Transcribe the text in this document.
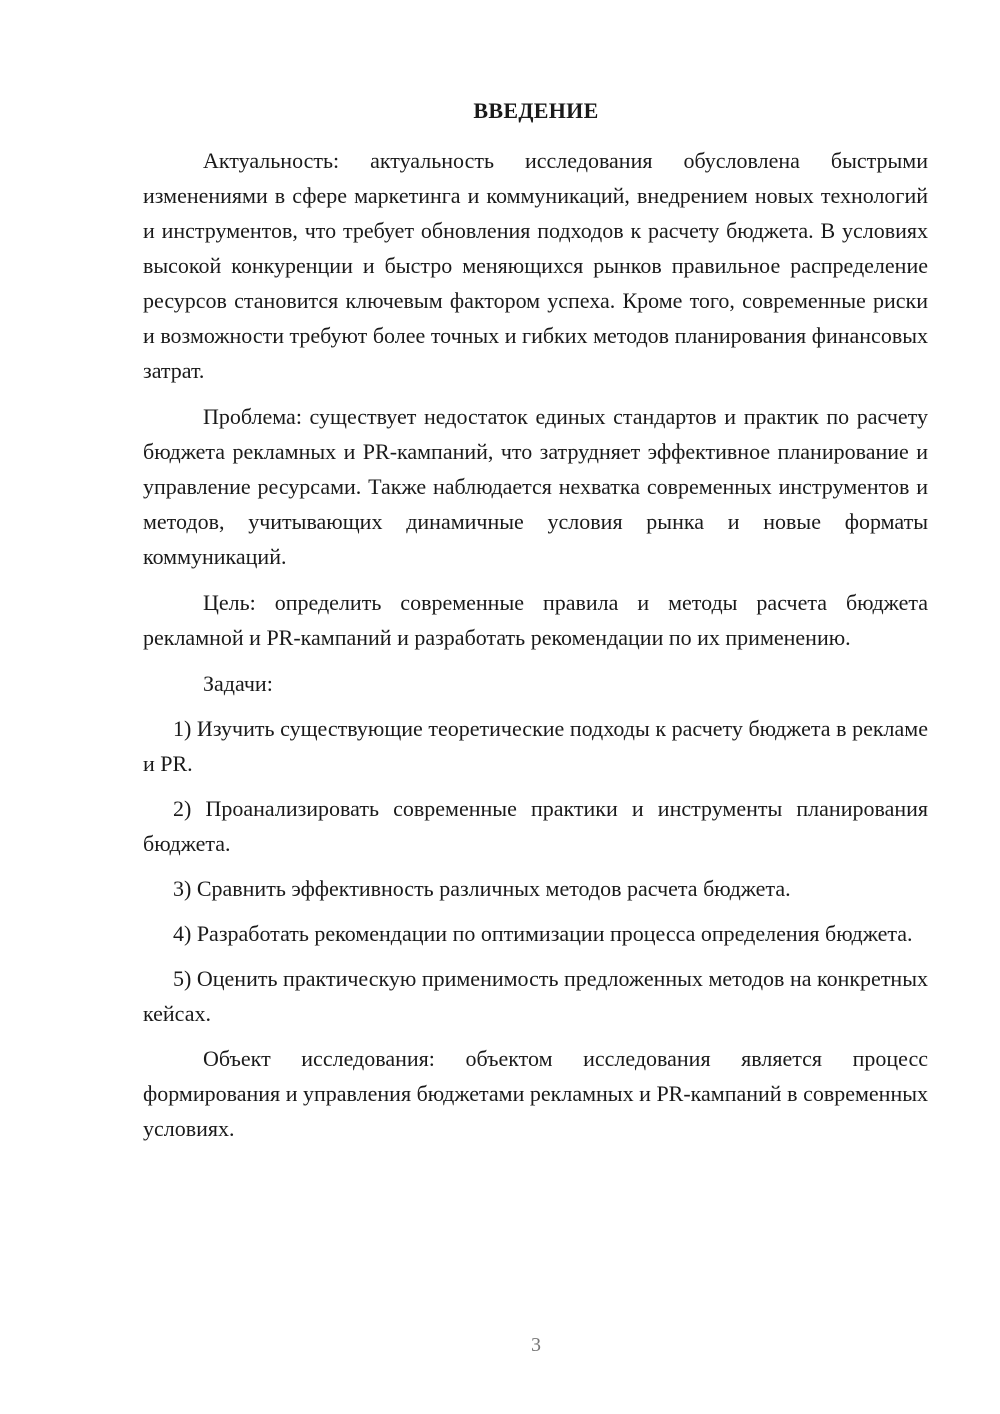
ВВЕДЕНИЕ

Актуальность: актуальность исследования обусловлена быстрыми изменениями в сфере маркетинга и коммуникаций, внедрением новых технологий и инструментов, что требует обновления подходов к расчету бюджета. В условиях высокой конкуренции и быстро меняющихся рынков правильное распределение ресурсов становится ключевым фактором успеха. Кроме того, современные риски и возможности требуют более точных и гибких методов планирования финансовых затрат.

Проблема: существует недостаток единых стандартов и практик по расчету бюджета рекламных и PR-кампаний, что затрудняет эффективное планирование и управление ресурсами. Также наблюдается нехватка современных инструментов и методов, учитывающих динамичные условия рынка и новые форматы коммуникаций.

Цель: определить современные правила и методы расчета бюджета рекламной и PR-кампаний и разработать рекомендации по их применению.

Задачи:

1) Изучить существующие теоретические подходы к расчету бюджета в рекламе и PR.

2) Проанализировать современные практики и инструменты планирования бюджета.

3) Сравнить эффективность различных методов расчета бюджета.

4) Разработать рекомендации по оптимизации процесса определения бюджета.

5) Оценить практическую применимость предложенных методов на конкретных кейсах.

Объект исследования: объектом исследования является процесс формирования и управления бюджетами рекламных и PR-кампаний в современных условиях.

3
